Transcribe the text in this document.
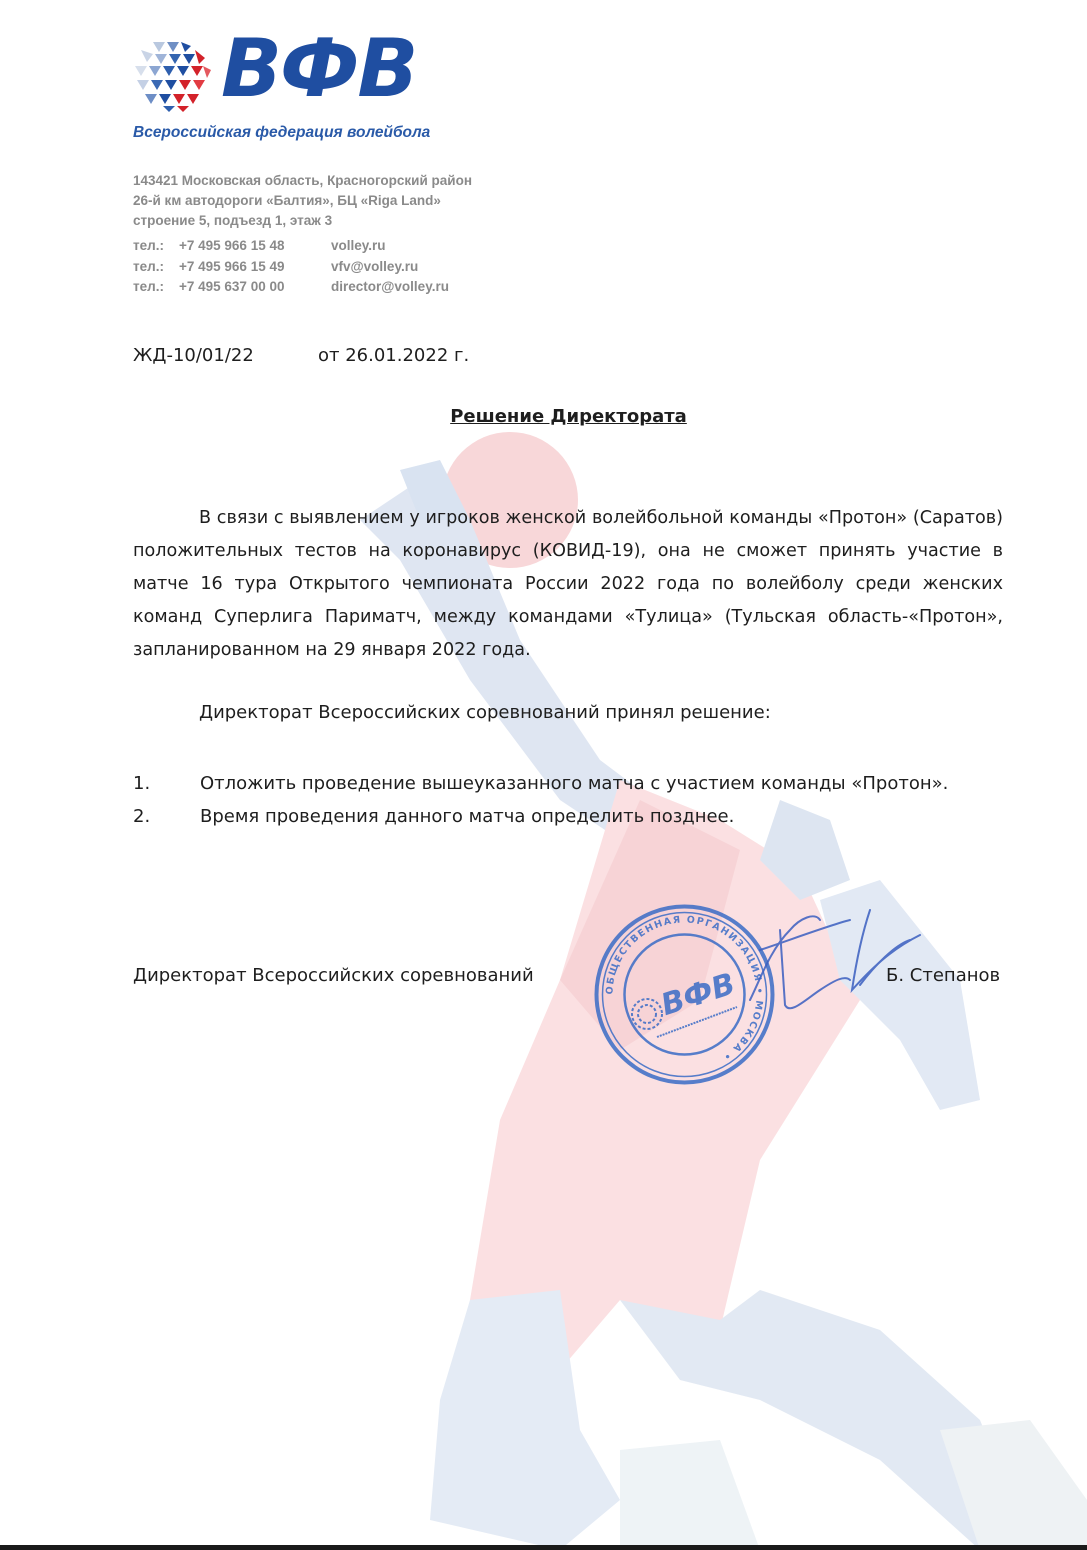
ВФВ
Всероссийская федерация волейбола
143421 Московская область, Красногорский район
26-й км автодороги «Балтия», БЦ «Riga Land»
строение 5, подъезд 1, этаж 3
тел.:	+7 495 966 15 48	volley.ru
тел.:	+7 495 966 15 49	vfv@volley.ru
тел.:	+7 495 637 00 00	director@volley.ru
ЖД-10/01/22	от 26.01.2022 г.
Решение Директората
В связи с выявлением у игроков женской волейбольной команды «Протон» (Саратов) положительных тестов на коронавирус (КОВИД-19), она не сможет принять участие в матче 16 тура Открытого чемпионата России 2022 года по волейболу среди женских команд Суперлига Париматч, между командами «Тулица» (Тульская область-«Протон», запланированном на 29 января 2022 года.
Директорат Всероссийских соревнований принял решение:
1.	Отложить проведение вышеуказанного матча с участием команды «Протон».
2.	Время проведения данного матча определить позднее.
Директорат Всероссийских соревнований	Б. Степанов
ОБЩЕСТВЕННАЯ ОРГАНИЗАЦИЯ • МОСКВА •
ВФВ
